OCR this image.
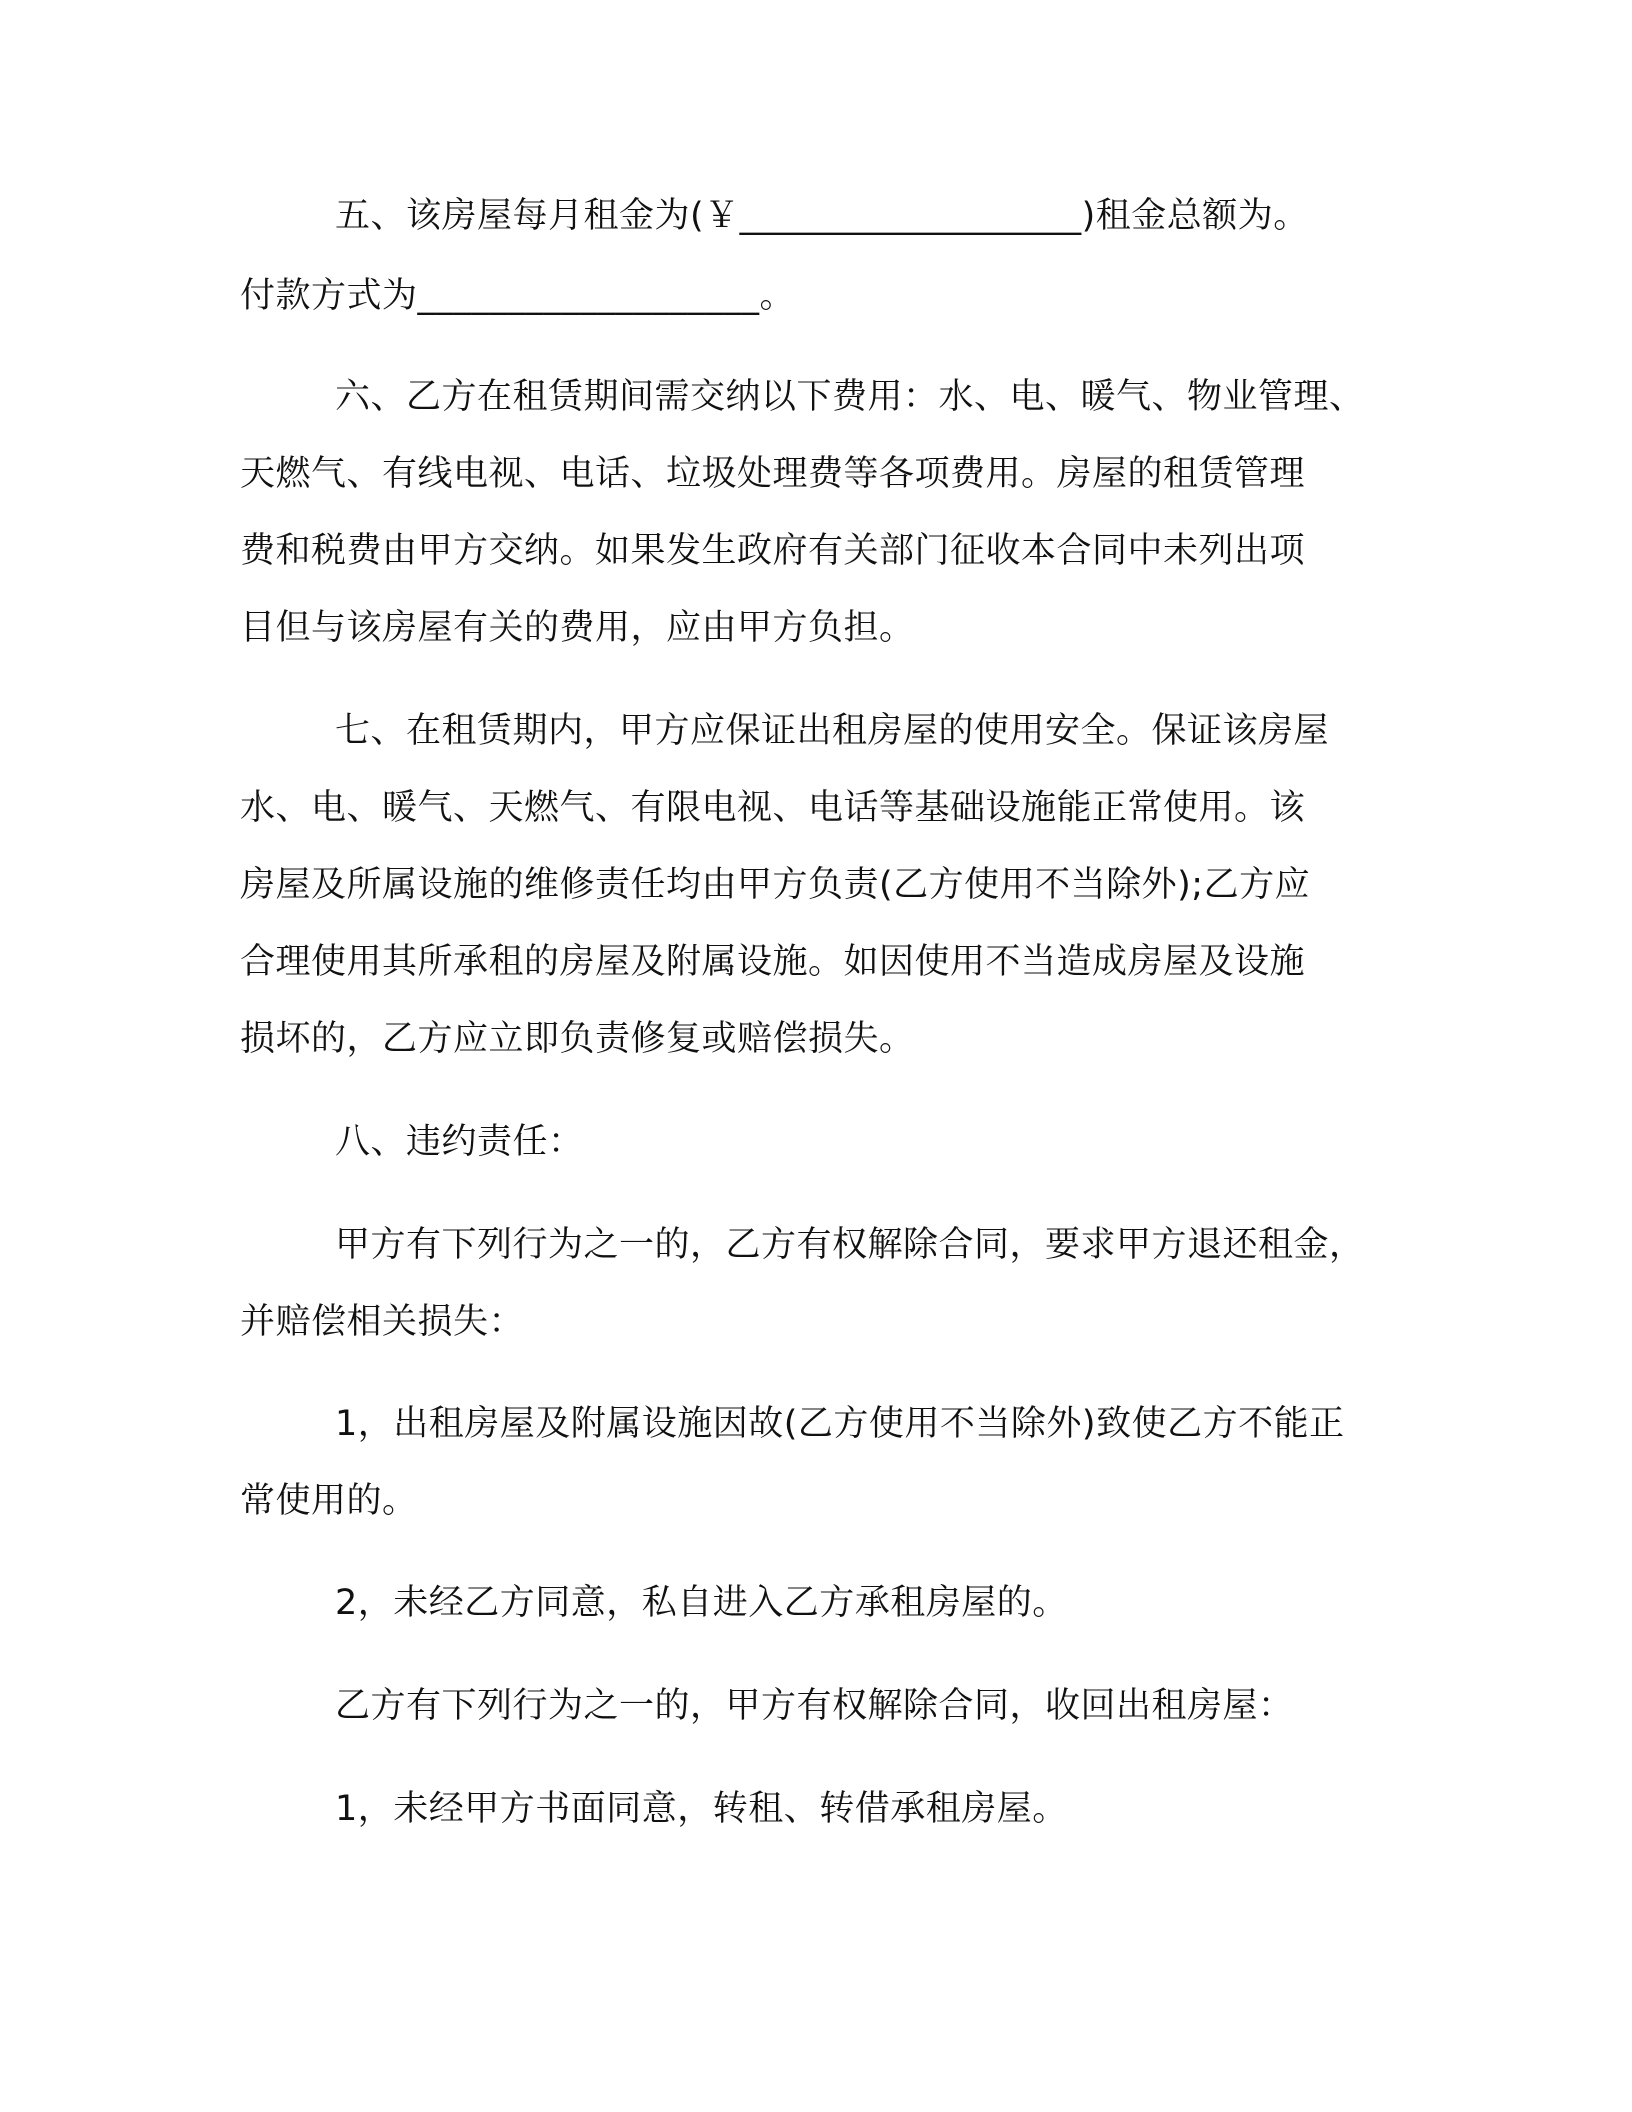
五、该房屋每月租金为(￥___________________)租金总额为。
付款方式为___________________。
六、乙方在租赁期间需交纳以下费用：水、电、暖气、物业管理、
天燃气、有线电视、电话、垃圾处理费等各项费用。房屋的租赁管理
费和税费由甲方交纳。如果发生政府有关部门征收本合同中未列出项
目但与该房屋有关的费用，应由甲方负担。
七、在租赁期内，甲方应保证出租房屋的使用安全。保证该房屋
水、电、暖气、天燃气、有限电视、电话等基础设施能正常使用。该
房屋及所属设施的维修责任均由甲方负责(乙方使用不当除外);乙方应
合理使用其所承租的房屋及附属设施。如因使用不当造成房屋及设施
损坏的，乙方应立即负责修复或赔偿损失。
八、违约责任：
甲方有下列行为之一的，乙方有权解除合同，要求甲方退还租金，
并赔偿相关损失：
1，出租房屋及附属设施因故(乙方使用不当除外)致使乙方不能正
常使用的。
2，未经乙方同意，私自进入乙方承租房屋的。
乙方有下列行为之一的，甲方有权解除合同，收回出租房屋：
1，未经甲方书面同意，转租、转借承租房屋。
